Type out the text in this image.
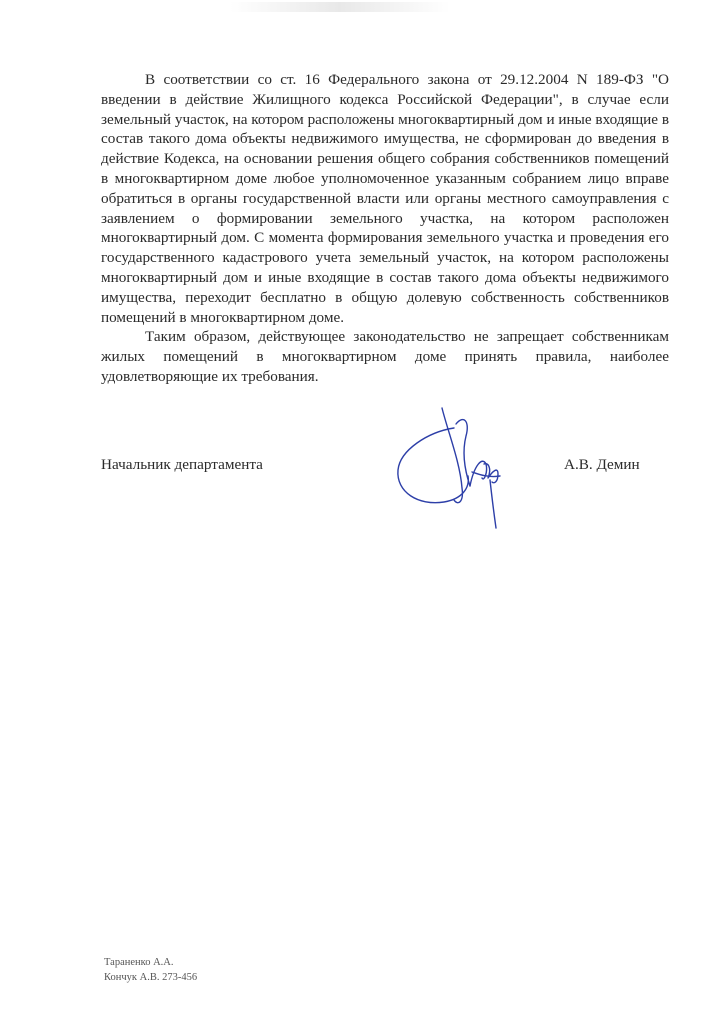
В соответствии со ст. 16 Федерального закона от 29.12.2004 N 189-ФЗ "О введении в действие Жилищного кодекса Российской Федерации", в случае если земельный участок, на котором расположены многоквартирный дом и иные входящие в состав такого дома объекты недвижимого имущества, не сформирован до введения в действие Кодекса, на основании решения общего собрания собственников помещений в многоквартирном доме любое уполномоченное указанным собранием лицо вправе обратиться в органы государственной власти или органы местного самоуправления с заявлением о формировании земельного участка, на котором расположен многоквартирный дом. С момента формирования земельного участка и проведения его государственного кадастрового учета земельный участок, на котором расположены многоквартирный дом и иные входящие в состав такого дома объекты недвижимого имущества, переходит бесплатно в общую долевую собственность собственников помещений в многоквартирном доме.

Таким образом, действующее законодательство не запрещает собственникам жилых помещений в многоквартирном доме принять правила, наиболее удовлетворяющие их требования.

Начальник департамента	А.В. Демин
Тараненко А.А.
Кончук А.В. 273-456
